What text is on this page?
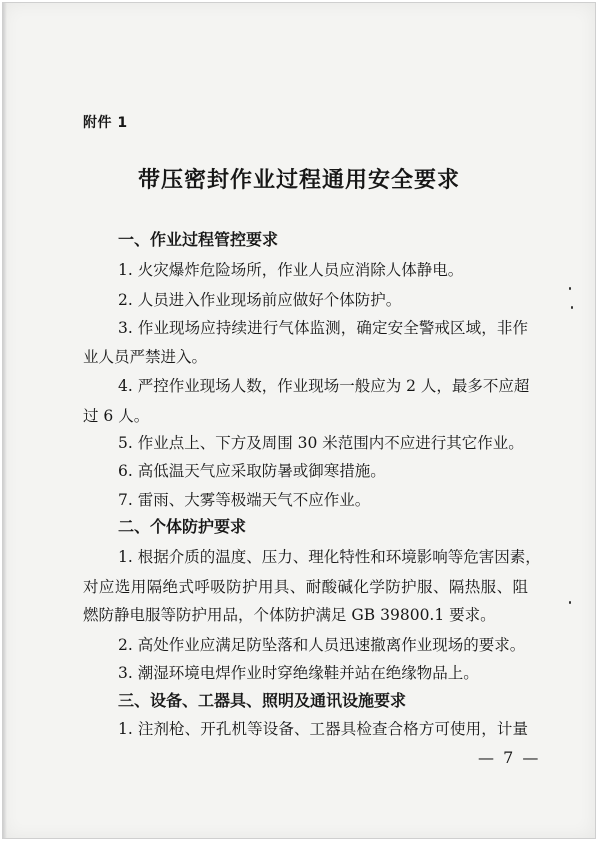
附件 1
带压密封作业过程通用安全要求
一、作业过程管控要求
1. 火灾爆炸危险场所，作业人员应消除人体静电。
2. 人员进入作业现场前应做好个体防护。
3. 作业现场应持续进行气体监测，确定安全警戒区域，非作
业人员严禁进入。
4. 严控作业现场人数，作业现场一般应为 2 人，最多不应超
过 6 人。
5. 作业点上、下方及周围 30 米范围内不应进行其它作业。
6. 高低温天气应采取防暑或御寒措施。
7. 雷雨、大雾等极端天气不应作业。
二、个体防护要求
1. 根据介质的温度、压力、理化特性和环境影响等危害因素，
对应选用隔绝式呼吸防护用具、耐酸碱化学防护服、隔热服、阻
燃防静电服等防护用品，个体防护满足 GB 39800.1 要求。
2. 高处作业应满足防坠落和人员迅速撤离作业现场的要求。
3. 潮湿环境电焊作业时穿绝缘鞋并站在绝缘物品上。
三、设备、工器具、照明及通讯设施要求
1. 注剂枪、开孔机等设备、工器具检查合格方可使用，计量
— 7 —
